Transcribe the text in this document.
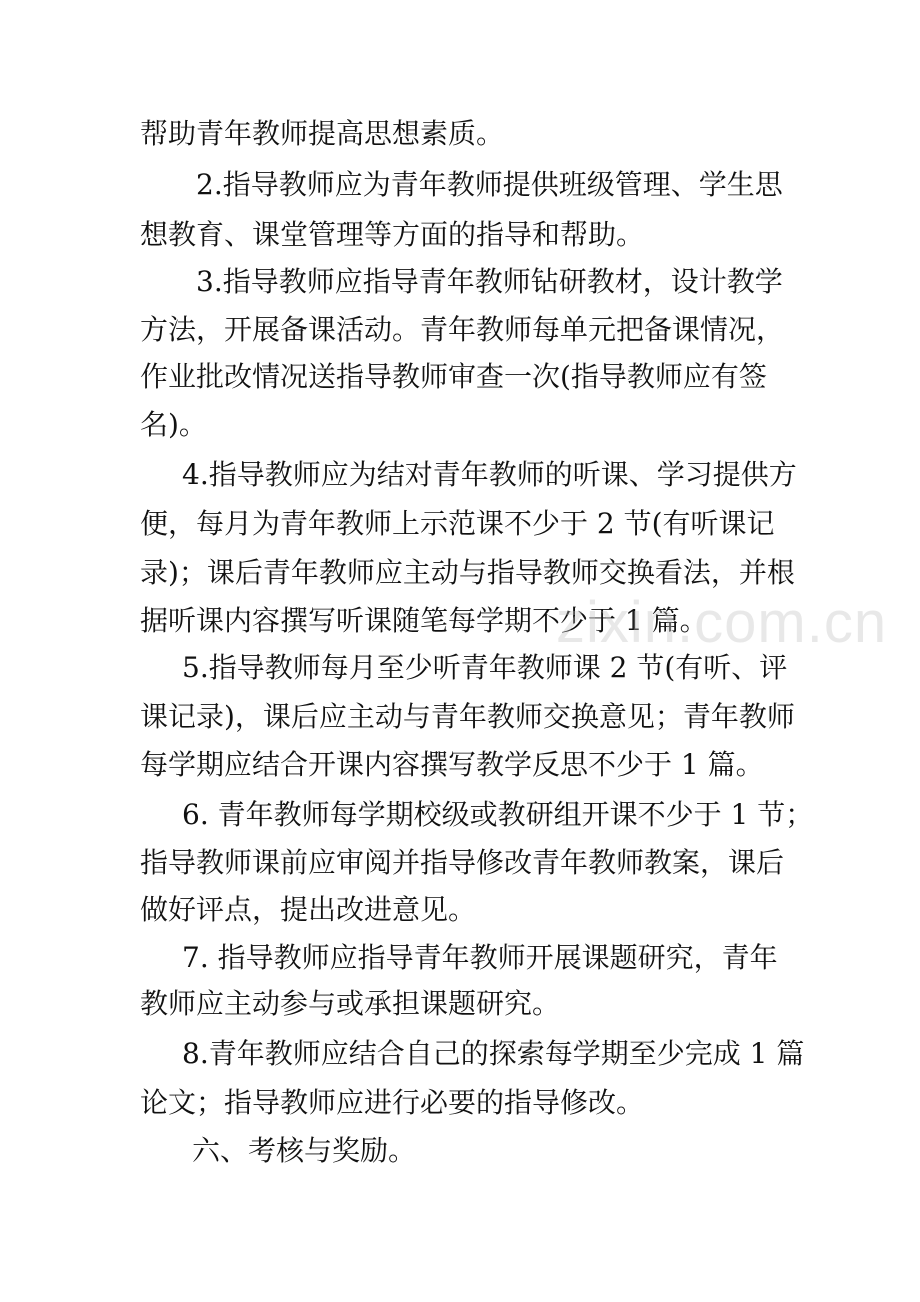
帮助青年教师提高思想素质。
2.指导教师应为青年教师提供班级管理、学生思
想教育、课堂管理等方面的指导和帮助。
3.指导教师应指导青年教师钻研教材，设计教学
方法，开展备课活动。青年教师每单元把备课情况，
作业批改情况送指导教师审查一次(指导教师应有签
名)。
4.指导教师应为结对青年教师的听课、学习提供方
便，每月为青年教师上示范课不少于 2 节(有听课记
录)；课后青年教师应主动与指导教师交换看法，并根
据听课内容撰写听课随笔每学期不少于 1 篇。
5.指导教师每月至少听青年教师课 2 节(有听、评
课记录)，课后应主动与青年教师交换意见；青年教师
每学期应结合开课内容撰写教学反思不少于 1 篇。
6. 青年教师每学期校级或教研组开课不少于 1 节；
指导教师课前应审阅并指导修改青年教师教案，课后
做好评点，提出改进意见。
7. 指导教师应指导青年教师开展课题研究，青年
教师应主动参与或承担课题研究。
8.青年教师应结合自己的探索每学期至少完成 1 篇
论文；指导教师应进行必要的指导修改。
六、考核与奖励。
zixin.com.cn
